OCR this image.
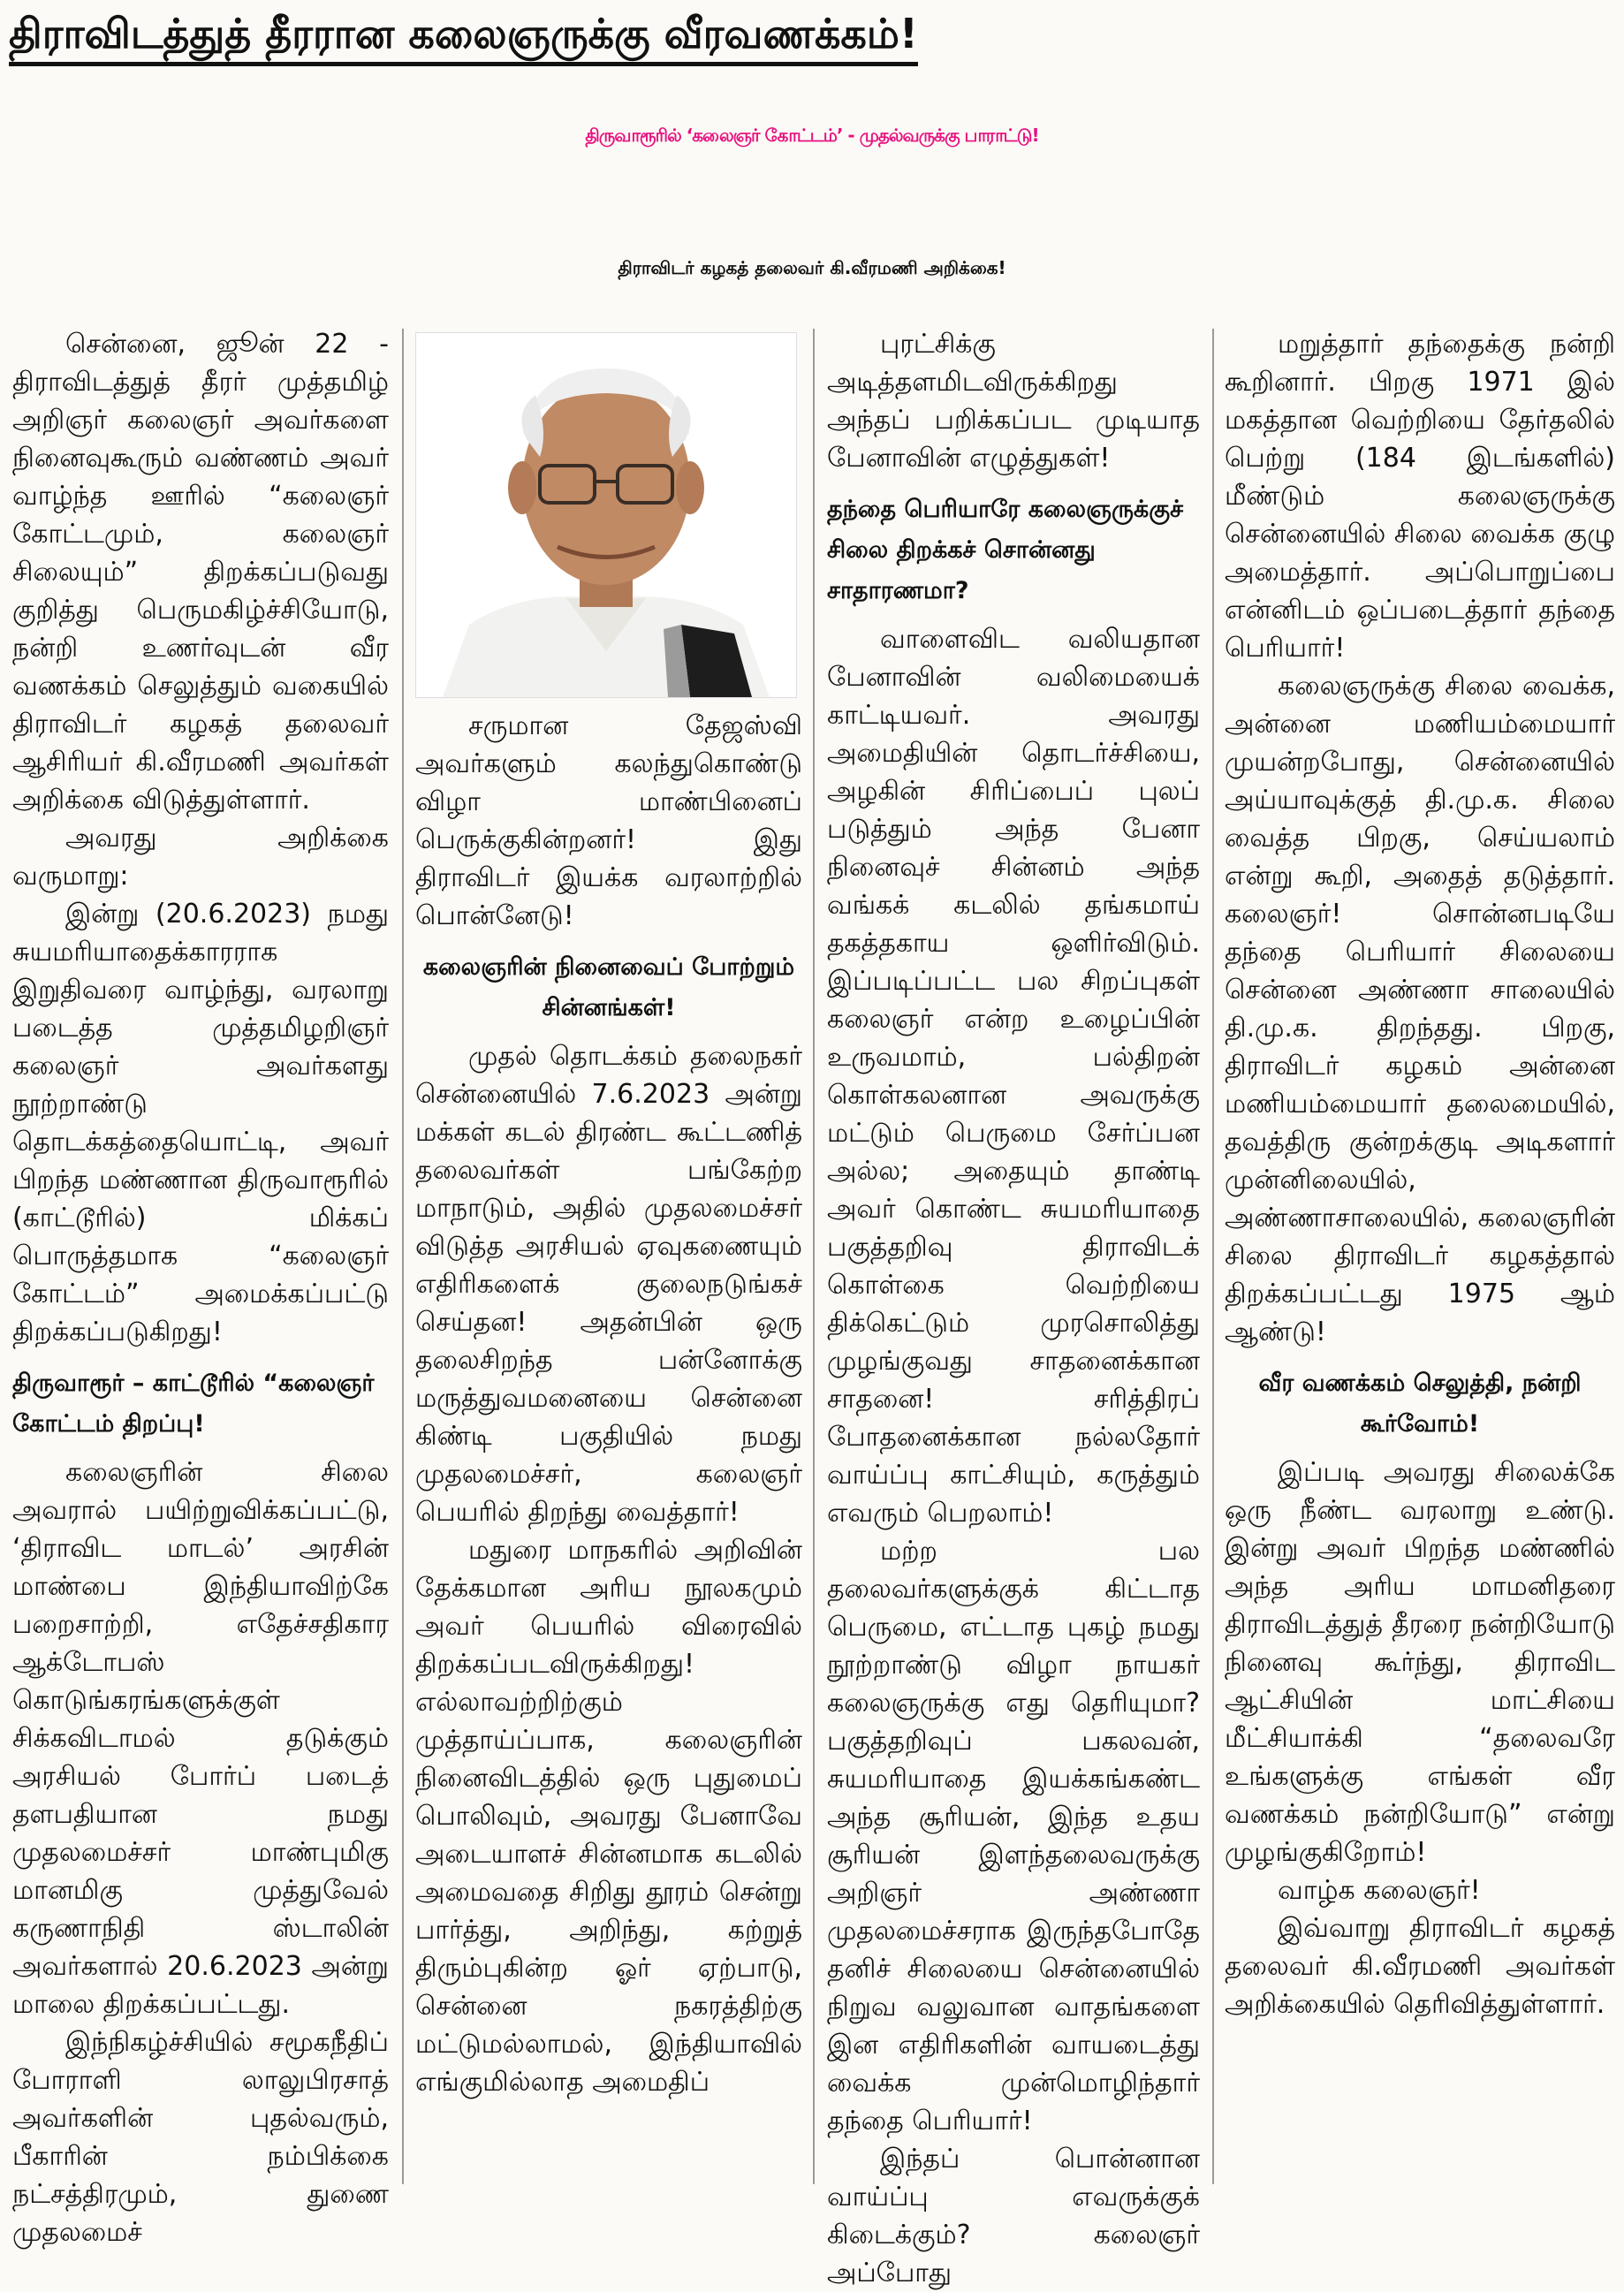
திராவிடத்துத் தீரரான கலைஞருக்கு வீரவணக்கம்!
திருவாரூரில் ‘கலைஞர் கோட்டம்’ - முதல்வருக்கு பாராட்டு!
திராவிடர் கழகத் தலைவர் கி.வீரமணி அறிக்கை!

சென்னை, ஜூன் 22 - திராவிடத்துத் தீரர் முத்தமிழ் அறிஞர் கலைஞர் அவர்களை நினைவுகூரும் வண்ணம் அவர் வாழ்ந்த ஊரில் “கலைஞர் கோட்டமும், கலைஞர் சிலையும்” திறக்கப்படுவது குறித்து பெருமகிழ்ச்சியோடு, நன்றி உணர்வுடன் வீர வணக்கம் செலுத்தும் வகையில் திராவிடர் கழகத் தலைவர் ஆசிரியர் கி.வீரமணி அவர்கள் அறிக்கை விடுத்துள்ளார்.

அவரது அறிக்கை வருமாறு:

இன்று (20.6.2023) நமது சுயமரியாதைக்காரராக இறுதிவரை வாழ்ந்து, வரலாறு படைத்த முத்தமிழறிஞர் கலைஞர் அவர்களது நூற்றாண்டு தொடக்கத்தையொட்டி, அவர் பிறந்த மண்ணான திருவாரூரில் (காட்டூரில்) மிக்கப் பொருத்தமாக “கலைஞர் கோட்டம்” அமைக்கப்பட்டு திறக்கப்படுகிறது!

திருவாரூர் – காட்டூரில் “கலைஞர் கோட்டம் திறப்பு!

கலைஞரின் சிலை அவரால் பயிற்றுவிக்கப்பட்டு, ‘திராவிட மாடல்’ அரசின் மாண்பை இந்தியாவிற்கே பறைசாற்றி, எதேச்சதிகார ஆக்டோபஸ் கொடுங்கரங்களுக்குள் சிக்கவிடாமல் தடுக்கும் அரசியல் போர்ப் படைத் தளபதியான நமது முதலமைச்சர் மாண்புமிகு மானமிகு முத்துவேல் கருணாநிதி ஸ்டாலின் அவர்களால் 20.6.2023 அன்று மாலை திறக்கப்பட்டது.

இந்நிகழ்ச்சியில் சமூகநீதிப் போராளி லாலுபிரசாத் அவர்களின் புதல்வரும், பீகாரின் நம்பிக்கை நட்சத்திரமும், துணை முதலமைச்

சருமான தேஜஸ்வி அவர்களும் கலந்துகொண்டு விழா மாண்பினைப் பெருக்குகின்றனர்! இது திராவிடர் இயக்க வரலாற்றில் பொன்னேடு!

கலைஞரின் நினைவைப் போற்றும் சின்னங்கள்!

முதல் தொடக்கம் தலைநகர் சென்னையில் 7.6.2023 அன்று மக்கள் கடல் திரண்ட கூட்டணித் தலைவர்கள் பங்கேற்ற மாநாடும், அதில் முதலமைச்சர் விடுத்த அரசியல் ஏவுகணையும் எதிரிகளைக் குலைநடுங்கச் செய்தன! அதன்பின் ஒரு தலைசிறந்த பன்னோக்கு மருத்துவமனையை சென்னை கிண்டி பகுதியில் நமது முதலமைச்சர், கலைஞர் பெயரில் திறந்து வைத்தார்!

மதுரை மாநகரில் அறிவின் தேக்கமான அரிய நூலகமும் அவர் பெயரில் விரைவில் திறக்கப்படவிருக்கிறது! எல்லாவற்றிற்கும் முத்தாய்ப்பாக, கலைஞரின் நினைவிடத்தில் ஒரு புதுமைப் பொலிவும், அவரது பேனாவே அடையாளச் சின்னமாக கடலில் அமைவதை சிறிது தூரம் சென்று பார்த்து, அறிந்து, கற்றுத் திரும்புகின்ற ஓர் ஏற்பாடு, சென்னை நகரத்திற்கு மட்டுமல்லாமல், இந்தியாவில் எங்குமில்லாத அமைதிப்

புரட்சிக்கு அடித்தளமிடவிருக்கிறது அந்தப் பறிக்கப்பட முடியாத பேனாவின் எழுத்துகள்!

தந்தை பெரியாரே கலைஞருக்குச் சிலை திறக்கச் சொன்னது சாதாரணமா?

வாளைவிட வலியதான பேனாவின் வலிமையைக் காட்டியவர். அவரது அமைதியின் தொடர்ச்சியை, அழகின் சிரிப்பைப் புலப் படுத்தும் அந்த பேனா நினைவுச் சின்னம் அந்த வங்கக் கடலில் தங்கமாய் தகத்தகாய ஒளிர்விடும். இப்படிப்பட்ட பல சிறப்புகள் கலைஞர் என்ற உழைப்பின் உருவமாம், பல்திறன் கொள்கலனான அவருக்கு மட்டும் பெருமை சேர்ப்பன அல்ல; அதையும் தாண்டி அவர் கொண்ட சுயமரியாதை பகுத்தறிவு திராவிடக் கொள்கை வெற்றியை திக்கெட்டும் முரசொலித்து முழங்குவது சாதனைக்கான சாதனை! சரித்திரப் போதனைக்கான நல்லதோர் வாய்ப்பு காட்சியும், கருத்தும் எவரும் பெறலாம்!

மற்ற பல தலைவர்களுக்குக் கிட்டாத பெருமை, எட்டாத புகழ் நமது நூற்றாண்டு விழா நாயகர் கலைஞருக்கு எது தெரியுமா? பகுத்தறிவுப் பகலவன், சுயமரியாதை இயக்கங்கண்ட அந்த சூரியன், இந்த உதய சூரியன் இளந்தலைவருக்கு அறிஞர் அண்ணா முதலமைச்சராக இருந்தபோதே தனிச் சிலையை சென்னையில் நிறுவ வலுவான வாதங்களை இன எதிரிகளின் வாயடைத்து வைக்க முன்மொழிந்தார் தந்தை பெரியார்!

இந்தப் பொன்னான வாய்ப்பு எவருக்குக் கிடைக்கும்? கலைஞர் அப்போது

மறுத்தார் தந்தைக்கு நன்றி கூறினார். பிறகு 1971 இல் மகத்தான வெற்றியை தேர்தலில் பெற்று (184 இடங்களில்) மீண்டும் கலைஞருக்கு சென்னையில் சிலை வைக்க குழு அமைத்தார். அப்பொறுப்பை என்னிடம் ஒப்படைத்தார் தந்தை பெரியார்!

கலைஞருக்கு சிலை வைக்க, அன்னை மணியம்மையார் முயன்றபோது, சென்னையில் அய்யாவுக்குத் தி.மு.க. சிலை வைத்த பிறகு, செய்யலாம் என்று கூறி, அதைத் தடுத்தார். கலைஞர்! சொன்னபடியே தந்தை பெரியார் சிலையை சென்னை அண்ணா சாலையில் தி.மு.க. திறந்தது. பிறகு, திராவிடர் கழகம் அன்னை மணியம்மையார் தலைமையில், தவத்திரு குன்றக்குடி அடிகளார் முன்னிலையில், அண்ணாசாலையில், கலைஞரின் சிலை திராவிடர் கழகத்தால் திறக்கப்பட்டது 1975 ஆம் ஆண்டு!

வீர வணக்கம் செலுத்தி, நன்றி கூர்வோம்!

இப்படி அவரது சிலைக்கே ஒரு நீண்ட வரலாறு உண்டு. இன்று அவர் பிறந்த மண்ணில் அந்த அரிய மாமனிதரை திராவிடத்துத் தீரரை நன்றியோடு நினைவு கூர்ந்து, திராவிட ஆட்சியின் மாட்சியை மீட்சியாக்கி “தலைவரே உங்களுக்கு எங்கள் வீர வணக்கம் நன்றியோடு” என்று முழங்குகிறோம்!

வாழ்க கலைஞர்!

இவ்வாறு திராவிடர் கழகத் தலைவர் கி.வீரமணி அவர்கள் அறிக்கையில் தெரிவித்துள்ளார்.
